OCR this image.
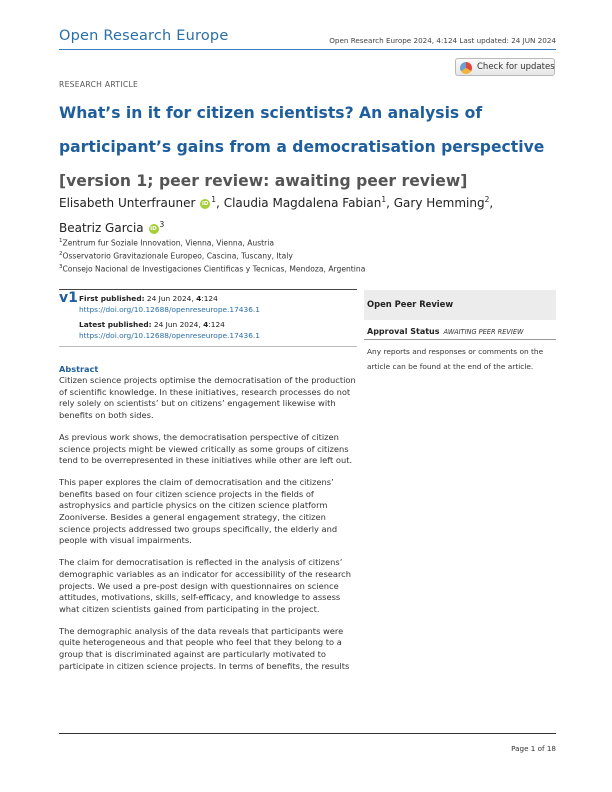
Open Research Europe	Open Research Europe 2024, 4:124 Last updated: 24 JUN 2024
Check for updates
RESEARCH ARTICLE
What’s in it for citizen scientists? An analysis of participant’s gains from a democratisation perspective [version 1; peer review: awaiting peer review]
Elisabeth Unterfrauner iD $^1$, Claudia Magdalena Fabian$^1$, Gary Hemming$^2$,
Beatriz Garcia iD $^3$
$^1$Zentrum fur Soziale Innovation, Vienna, Vienna, Austria
$^2$Osservatorio Gravitazionale Europeo, Cascina, Tuscany, Italy
$^3$Consejo Nacional de Investigaciones Cientificas y Tecnicas, Mendoza, Argentina
v1 First published: 24 Jun 2024, 4:124
https://doi.org/10.12688/openreseurope.17436.1
Latest published: 24 Jun 2024, 4:124
https://doi.org/10.12688/openreseurope.17436.1
Open Peer Review
Approval Status AWAITING PEER REVIEW
Any reports and responses or comments on the article can be found at the end of the article.
Abstract

Citizen science projects optimise the democratisation of the production of scientific knowledge. In these initiatives, research processes do not rely solely on scientists’ but on citizens’ engagement likewise with benefits on both sides.

As previous work shows, the democratisation perspective of citizen science projects might be viewed critically as some groups of citizens tend to be overrepresented in these initiatives while other are left out.

This paper explores the claim of democratisation and the citizens’ benefits based on four citizen science projects in the fields of astrophysics and particle physics on the citizen science platform Zooniverse. Besides a general engagement strategy, the citizen science projects addressed two groups specifically, the elderly and people with visual impairments.

The claim for democratisation is reflected in the analysis of citizens’ demographic variables as an indicator for accessibility of the research projects. We used a pre-post design with questionnaires on science attitudes, motivations, skills, self-efficacy, and knowledge to assess what citizen scientists gained from participating in the project.

The demographic analysis of the data reveals that participants were quite heterogeneous and that people who feel that they belong to a group that is discriminated against are particularly motivated to participate in citizen science projects. In terms of benefits, the results

Page 1 of 18
